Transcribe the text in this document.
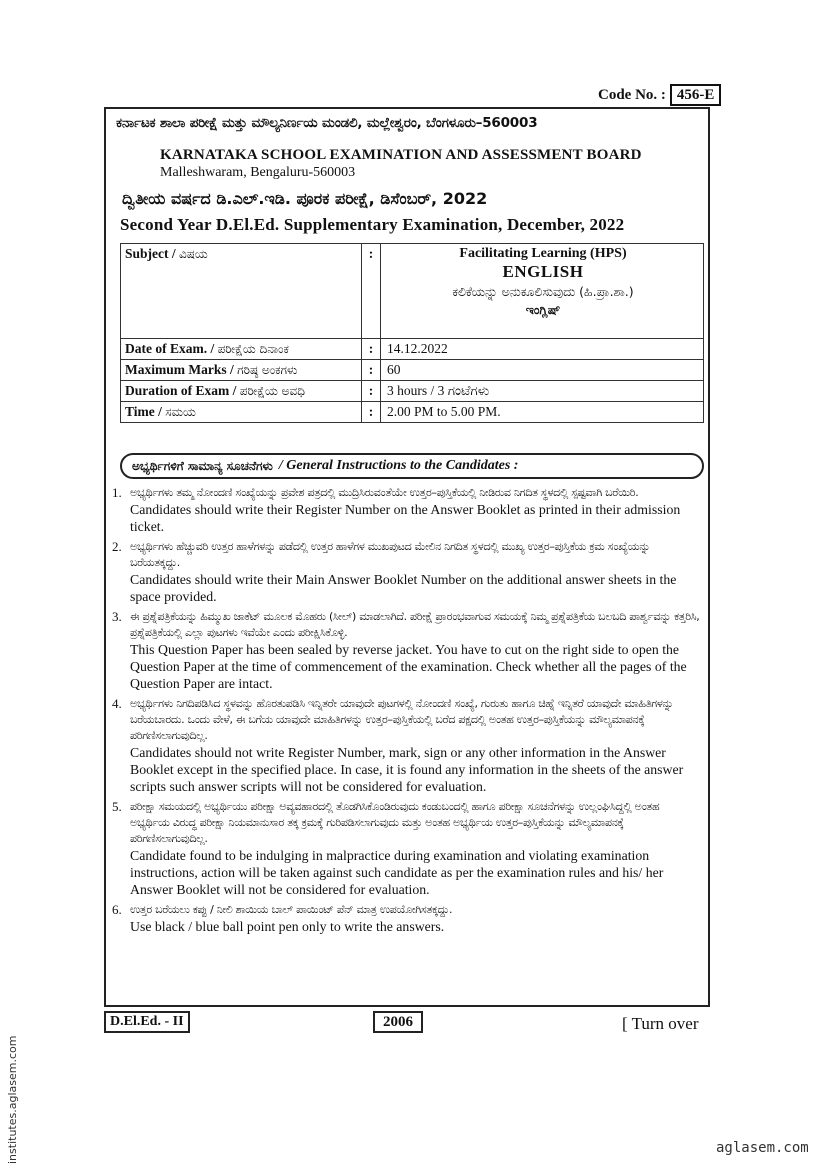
Code No. : 456-E
ಕರ್ನಾಟಕ ಶಾಲಾ ಪರೀಕ್ಷೆ ಮತ್ತು ಮೌಲ್ಯನಿರ್ಣಯ ಮಂಡಲಿ, ಮಲ್ಲೇಶ್ವರಂ, ಬೆಂಗಳೂರು–560003
KARNATAKA SCHOOL EXAMINATION AND ASSESSMENT BOARD
Malleshwaram, Bengaluru-560003
ದ್ವಿತೀಯ ವರ್ಷದ ಡಿ.ಎಲ್.ಇಡಿ. ಪೂರಕ ಪರೀಕ್ಷೆ, ಡಿಸೆಂಬರ್, 2022
Second Year D.El.Ed. Supplementary Examination, December, 2022
Subject / ವಿಷಯ	:	Facilitating Learning (HPS)
ENGLISH
ಕಲಿಕೆಯನ್ನು ಅನುಕೂಲಿಸುವುದು (ಹಿ.ಪ್ರಾ.ಶಾ.)
ಇಂಗ್ಲಿಷ್

Date of Exam. / ಪರೀಕ್ಷೆಯ ದಿನಾಂಕ	:	14.12.2022
Maximum Marks / ಗರಿಷ್ಠ ಅಂಕಗಳು	:	60
Duration of Exam / ಪರೀಕ್ಷೆಯ ಅವಧಿ	:	3 hours / 3 ಗಂಟೆಗಳು
Time / ಸಮಯ	:	2.00 PM to 5.00 PM.
ಅಭ್ಯರ್ಥಿಗಳಿಗೆ ಸಾಮಾನ್ಯ ಸೂಚನೆಗಳು / General Instructions to the Candidates :
1. ಅಭ್ಯರ್ಥಿಗಳು ತಮ್ಮ ನೋಂದಣಿ ಸಂಖ್ಯೆಯನ್ನು ಪ್ರವೇಶ ಪತ್ರದಲ್ಲಿ ಮುದ್ರಿಸಿರುವಂತೆಯೇ ಉತ್ತರ–ಪುಸ್ತಿಕೆಯಲ್ಲಿ ನೀಡಿರುವ ನಿಗದಿತ ಸ್ಥಳದಲ್ಲಿ ಸ್ಪಷ್ಟವಾಗಿ ಬರೆಯಿರಿ.
Candidates should write their Register Number on the Answer Booklet as printed in their admission ticket.
2. ಅಭ್ಯರ್ಥಿಗಳು ಹೆಚ್ಚುವರಿ ಉತ್ತರ ಹಾಳೆಗಳನ್ನು ಪಡೆದಲ್ಲಿ ಉತ್ತರ ಹಾಳೆಗಳ ಮುಖಪುಟದ ಮೇಲಿನ ನಿಗದಿತ ಸ್ಥಳದಲ್ಲಿ ಮುಖ್ಯ ಉತ್ತರ–ಪುಸ್ತಿಕೆಯ ಕ್ರಮ ಸಂಖ್ಯೆಯನ್ನು ಬರೆಯತಕ್ಕದ್ದು.
Candidates should write their Main Answer Booklet Number on the additional answer sheets in the space provided.
3. ಈ ಪ್ರಶ್ನೆಪತ್ರಿಕೆಯನ್ನು ಹಿಮ್ಮುಖ ಜಾಕೆಟ್ ಮೂಲಕ ಮೊಹರು (ಸೀಲ್) ಮಾಡಲಾಗಿದೆ. ಪರೀಕ್ಷೆ ಪ್ರಾರಂಭವಾಗುವ ಸಮಯಕ್ಕೆ ನಿಮ್ಮ ಪ್ರಶ್ನೆಪತ್ರಿಕೆಯ ಬಲಬದಿ ಪಾರ್ಶ್ವವನ್ನು ಕತ್ತರಿಸಿ, ಪ್ರಶ್ನೆಪತ್ರಿಕೆಯಲ್ಲಿ ಎಲ್ಲಾ ಪುಟಗಳು ಇವೆಯೇ ಎಂದು ಪರೀಕ್ಷಿಸಿಕೊಳ್ಳಿ.
This Question Paper has been sealed by reverse jacket. You have to cut on the right side to open the Question Paper at the time of commencement of the examination. Check whether all the pages of the Question Paper are intact.
4. ಅಭ್ಯರ್ಥಿಗಳು ನಿಗದಿಪಡಿಸಿದ ಸ್ಥಳವನ್ನು ಹೊರತುಪಡಿಸಿ ಇನ್ನಿತರೇ ಯಾವುದೇ ಪುಟಗಳಲ್ಲಿ ನೋಂದಣಿ ಸಂಖ್ಯೆ, ಗುರುತು ಹಾಗೂ ಚಿಹ್ನೆ ಇನ್ನಿತರೆ ಯಾವುದೇ ಮಾಹಿತಿಗಳನ್ನು ಬರೆಯಬಾರದು. ಒಂದು ವೇಳೆ, ಈ ಬಗೆಯ ಯಾವುದೇ ಮಾಹಿತಿಗಳನ್ನು ಉತ್ತರ–ಪುಸ್ತಿಕೆಯಲ್ಲಿ ಬರೆದ ಪಕ್ಷದಲ್ಲಿ ಅಂತಹ ಉತ್ತರ–ಪುಸ್ತಿಕೆಯನ್ನು ಮೌಲ್ಯಮಾಪನಕ್ಕೆ ಪರಿಗಣಿಸಲಾಗುವುದಿಲ್ಲ.
Candidates should not write Register Number, mark, sign or any other information in the Answer Booklet except in the specified place. In case, it is found any information in the sheets of the answer scripts such answer scripts will not be considered for evaluation.
5. ಪರೀಕ್ಷಾ ಸಮಯದಲ್ಲಿ ಅಭ್ಯರ್ಥಿಯು ಪರೀಕ್ಷಾ ಅವ್ಯವಹಾರದಲ್ಲಿ ತೊಡಗಿಸಿಕೊಂಡಿರುವುದು ಕಂಡುಬಂದಲ್ಲಿ ಹಾಗೂ ಪರೀಕ್ಷಾ ಸೂಚನೆಗಳನ್ನು ಉಲ್ಲಂಘಿಸಿದ್ದಲ್ಲಿ ಅಂತಹ ಅಭ್ಯರ್ಥಿಯ ವಿರುದ್ಧ ಪರೀಕ್ಷಾ ನಿಯಮಾನುಸಾರ ತಕ್ಕ ಕ್ರಮಕ್ಕೆ ಗುರಿಪಡಿಸಲಾಗುವುದು ಮತ್ತು ಅಂತಹ ಅಭ್ಯರ್ಥಿಯ ಉತ್ತರ–ಪುಸ್ತಿಕೆಯನ್ನು ಮೌಲ್ಯಮಾಪನಕ್ಕೆ ಪರಿಗಣಿಸಲಾಗುವುದಿಲ್ಲ.
Candidate found to be indulging in malpractice during examination and violating examination instructions, action will be taken against such candidate as per the examination rules and his/ her Answer Booklet will not be considered for evaluation.
6. ಉತ್ತರ ಬರೆಯಲು ಕಪ್ಪು / ನೀಲಿ ಶಾಯಿಯ ಬಾಲ್ ಪಾಯಿಂಟ್ ಪೆನ್ ಮಾತ್ರ ಉಪಯೋಗಿಸತಕ್ಕದ್ದು.
Use black / blue ball point pen only to write the answers.
D.El.Ed. - II	2006	[ Turn over
institutes.aglasem.com	aglasem.com
